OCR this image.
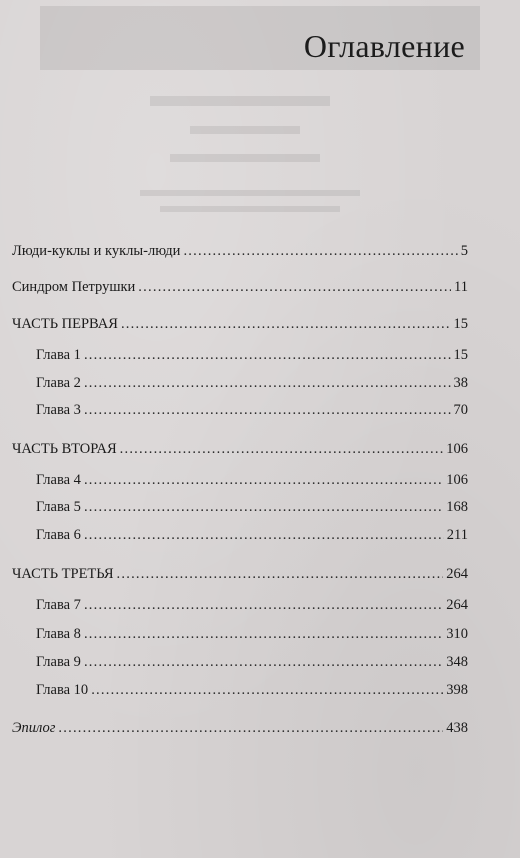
Оглавление
Люди-куклы и куклы-люди . . .	5
Синдром Петрушки . . .	11
ЧАСТЬ ПЕРВАЯ . . .	15
Глава 1 . . .	15
Глава 2 . . .	38
Глава 3 . . .	70
ЧАСТЬ ВТОРАЯ . . .	106
Глава 4 . . .	106
Глава 5 . . .	168
Глава 6 . . .	211
ЧАСТЬ ТРЕТЬЯ . . .	264
Глава 7 . . .	264
Глава 8 . . .	310
Глава 9 . . .	348
Глава 10 . . .	398
Эпилог . . .	438
